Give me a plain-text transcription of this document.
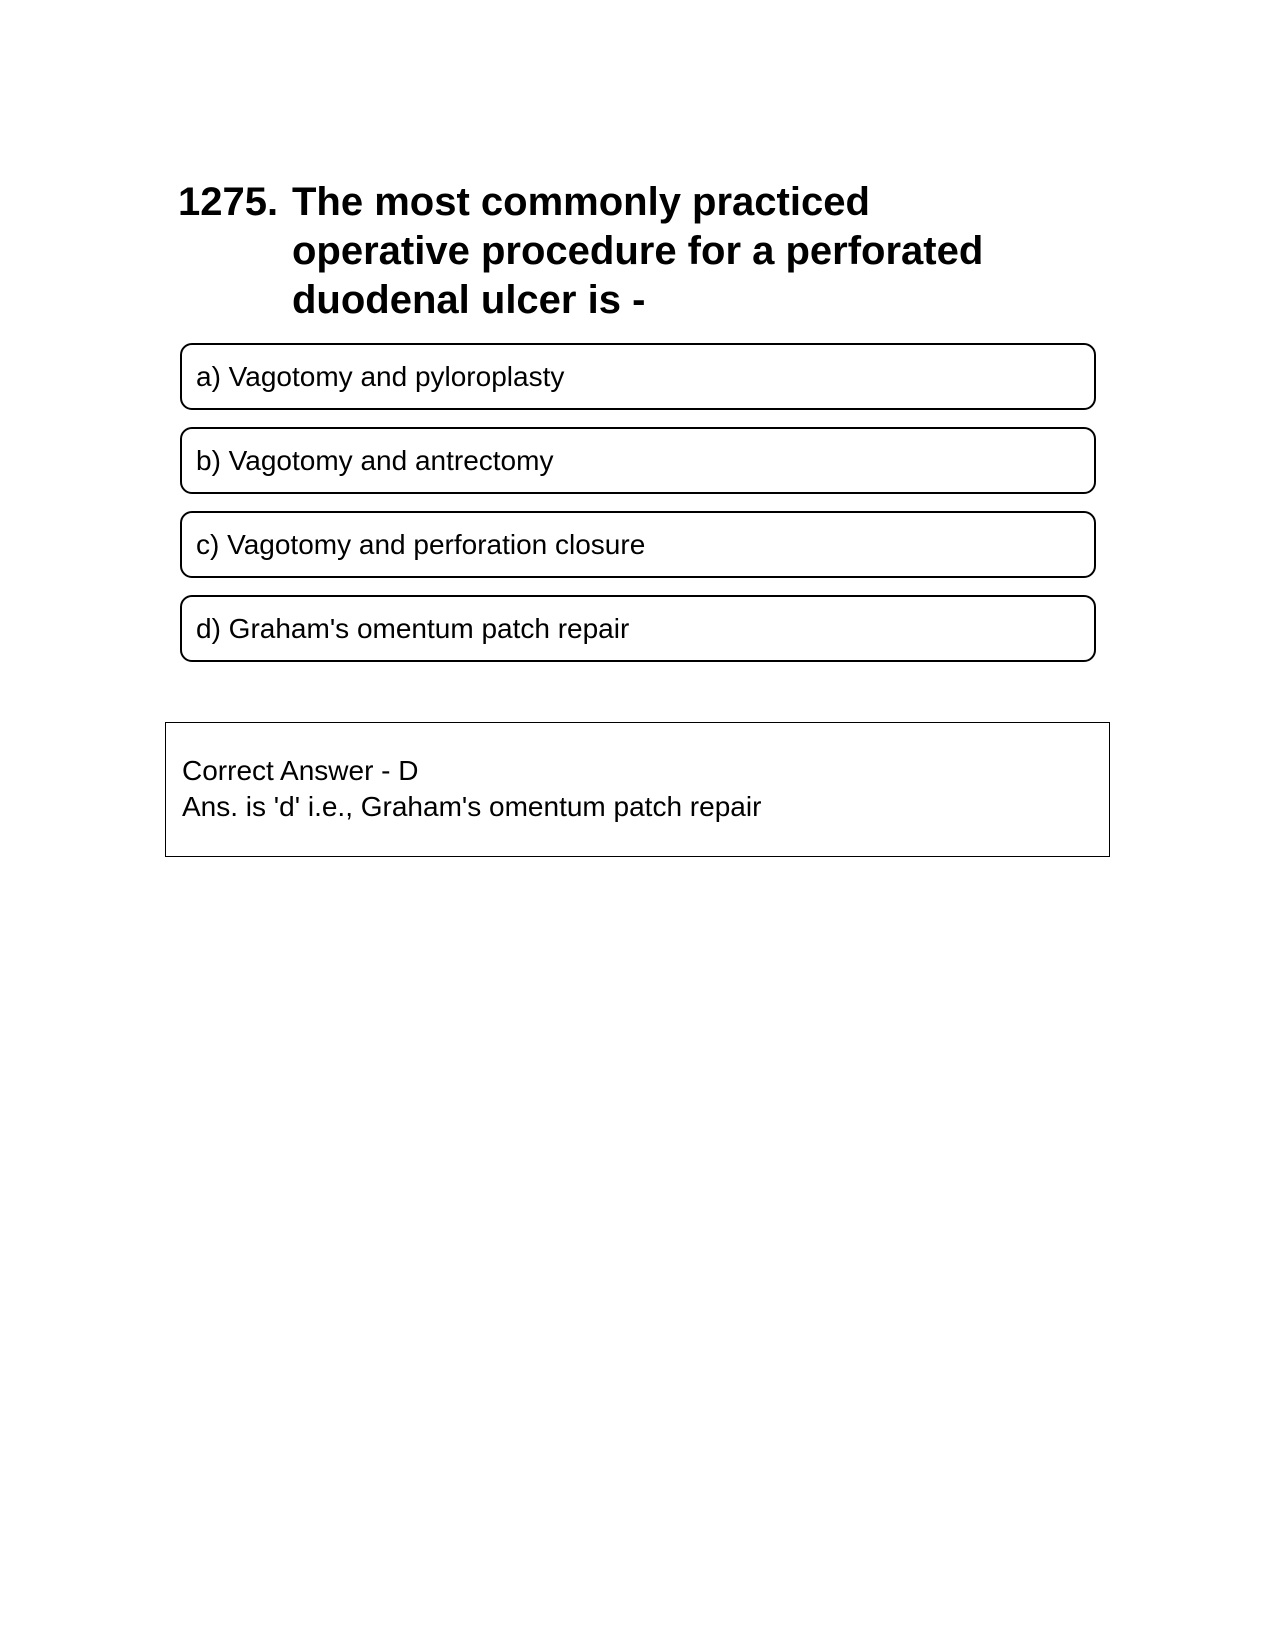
1275. The most commonly practiced operative procedure for a perforated duodenal ulcer is -
a) Vagotomy and pyloroplasty
b) Vagotomy and antrectomy
c) Vagotomy and perforation closure
d) Graham's omentum patch repair
Correct Answer - D
Ans. is 'd' i.e., Graham's omentum patch repair
